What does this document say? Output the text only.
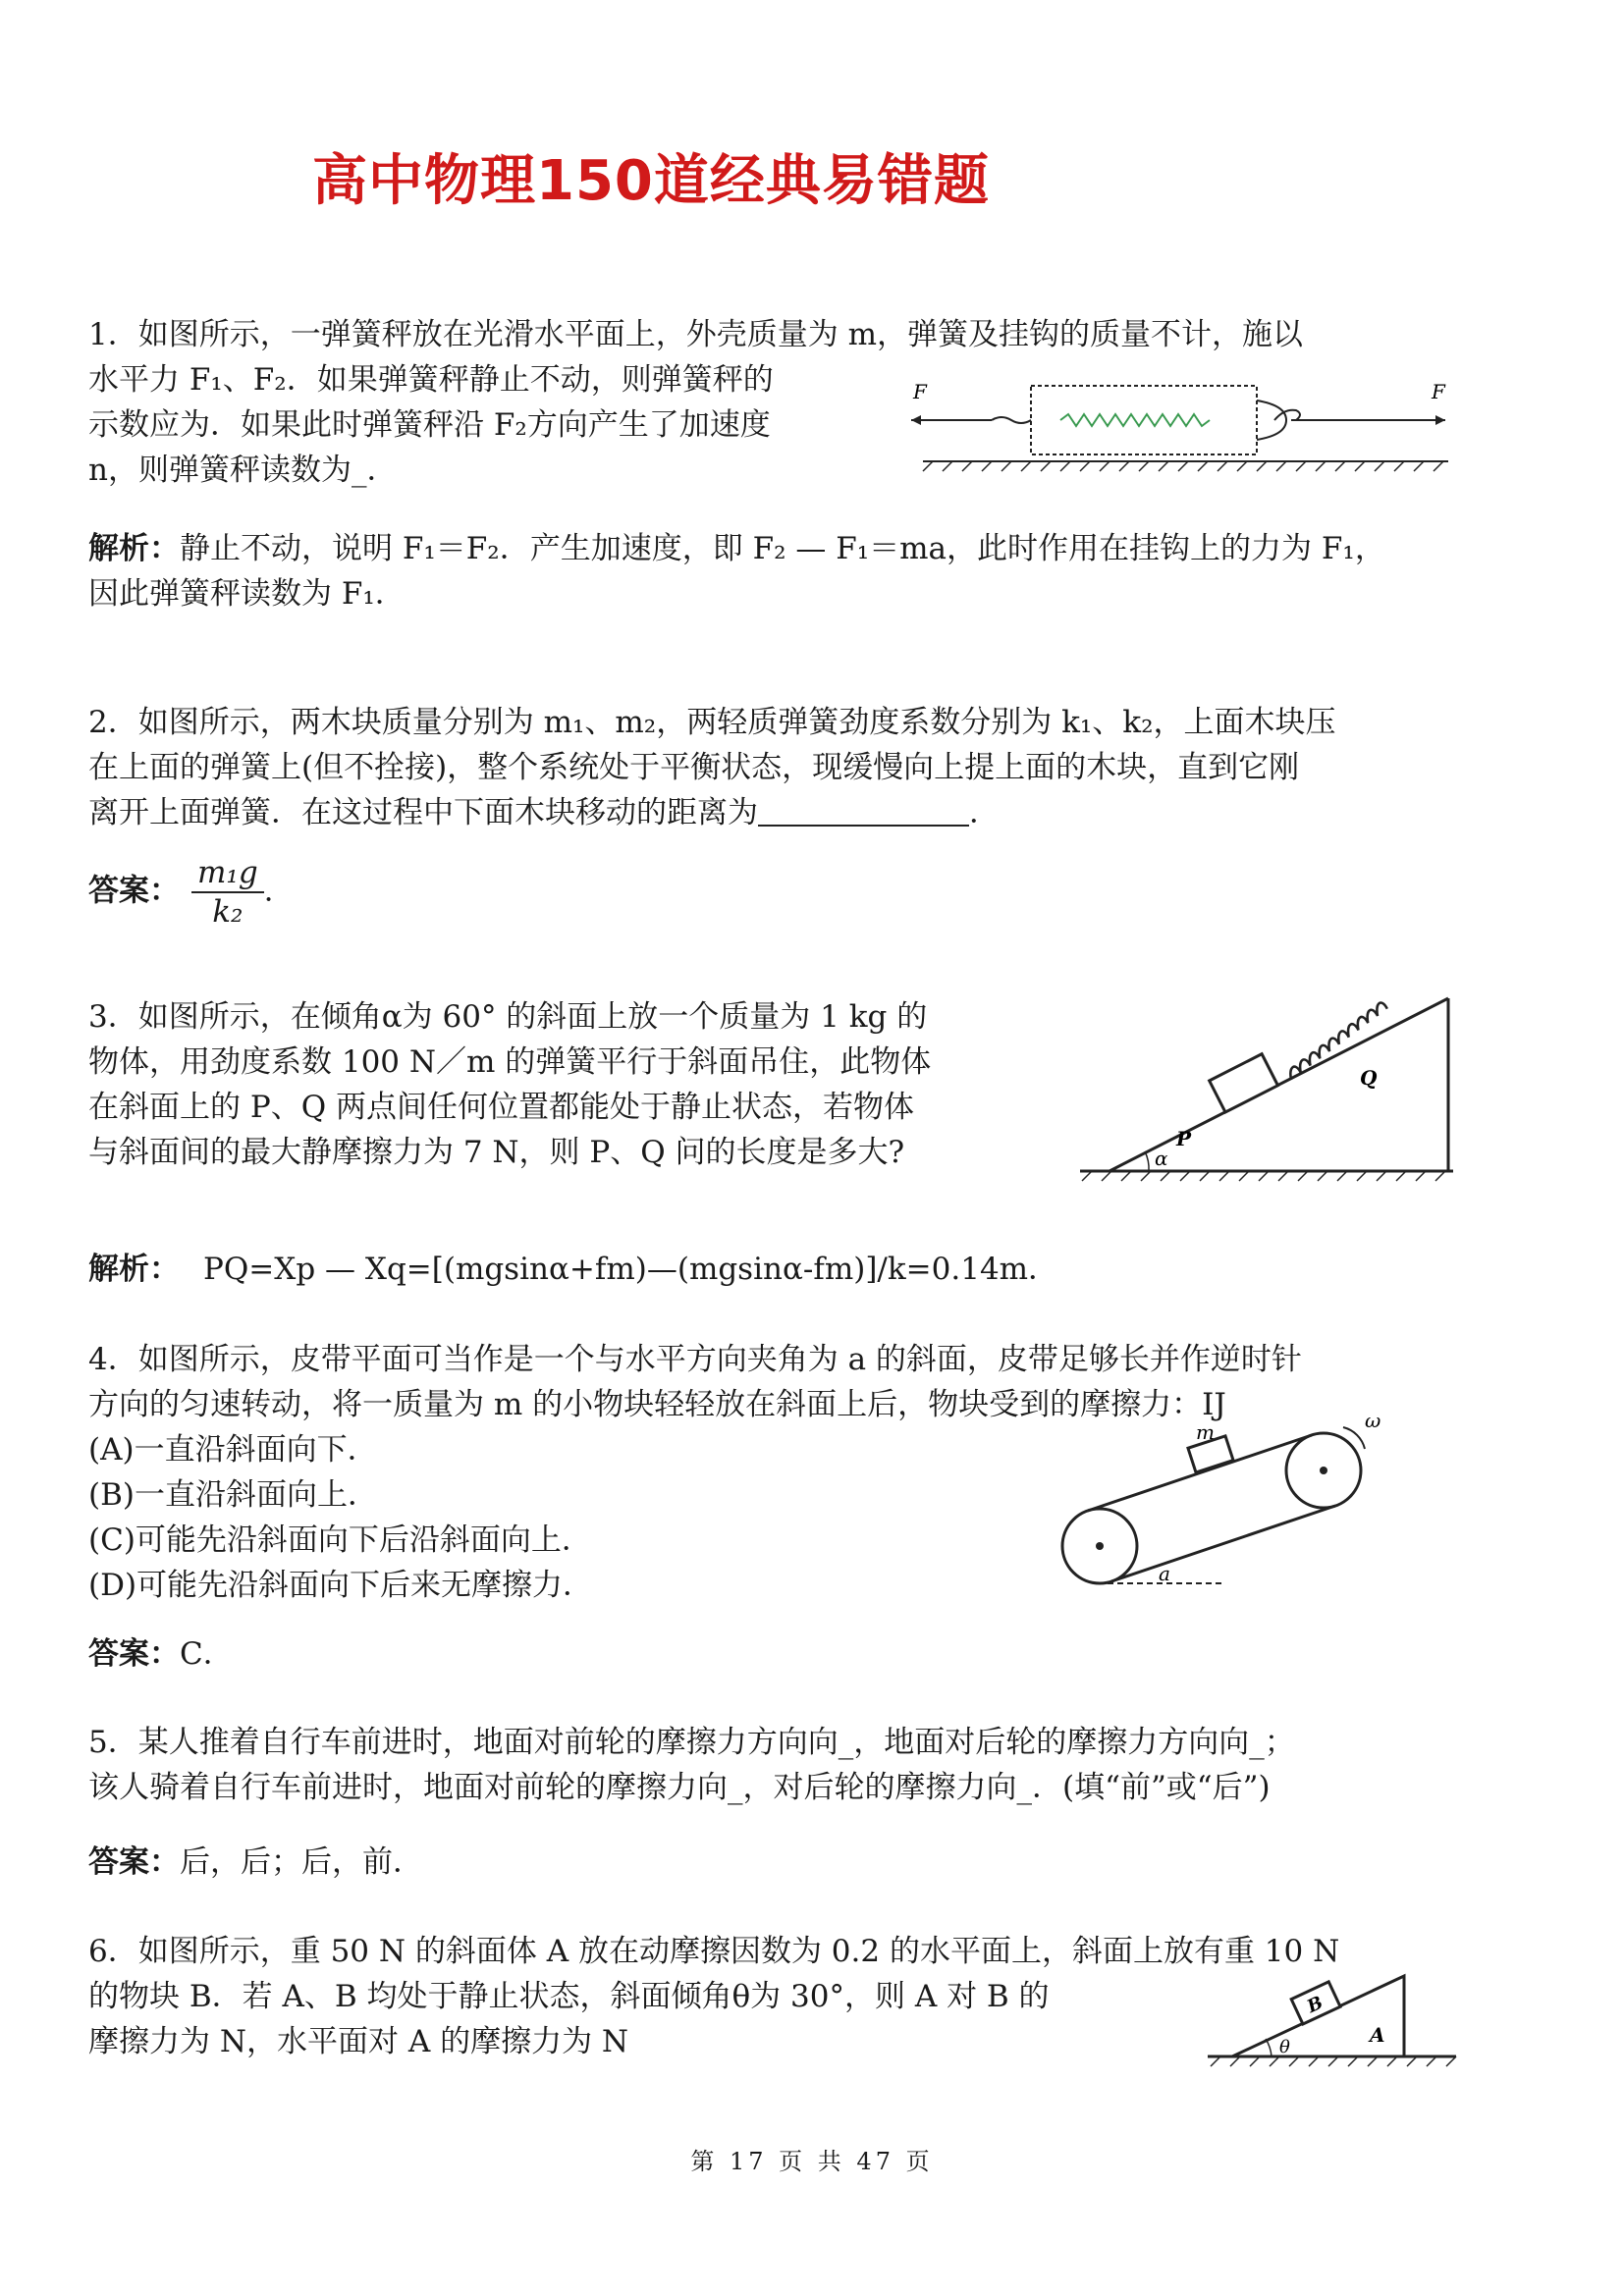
高中物理150道经典易错题
1．如图所示，一弹簧秤放在光滑水平面上，外壳质量为 m，弹簧及挂钩的质量不计，施以
水平力 F₁、F₂．如果弹簧秤静止不动，则弹簧秤的
示数应为．如果此时弹簧秤沿 F₂方向产生了加速度
n，则弹簧秤读数为_．
F	F
解析：静止不动，说明 F₁＝F₂．产生加速度，即 F₂ — F₁＝ma，此时作用在挂钩上的力为 F₁，
因此弹簧秤读数为 F₁．
2．如图所示，两木块质量分别为 m₁、m₂，两轻质弹簧劲度系数分别为 k₁、k₂，上面木块压
在上面的弹簧上(但不拴接)，整个系统处于平衡状态，现缓慢向上提上面的木块，直到它刚
离开上面弹簧．在这过程中下面木块移动的距离为	．
答案： $\frac{\text{m₁g}}{\text{k₂}}$ .
3．如图所示，在倾角α为 60° 的斜面上放一个质量为 1 kg 的
物体，用劲度系数 100 N／m 的弹簧平行于斜面吊住，此物体
在斜面上的 P、Q 两点间任何位置都能处于静止状态，若物体
与斜面间的最大静摩擦力为 7 N，则 P、Q 问的长度是多大?
Q
P
α
解析： PQ=Xp — Xq=[(mgsinα+fm)—(mgsinα-fm)]/k=0.14m．
4．如图所示，皮带平面可当作是一个与水平方向夹角为 a 的斜面，皮带足够长并作逆时针
方向的匀速转动，将一质量为 m 的小物块轻轻放在斜面上后，物块受到的摩擦力：IJ
(A)一直沿斜面向下．
(B)一直沿斜面向上．
(C)可能先沿斜面向下后沿斜面向上．
(D)可能先沿斜面向下后来无摩擦力．
m	ω
a
答案：C．
5．某人推着自行车前进时，地面对前轮的摩擦力方向向_，地面对后轮的摩擦力方向向_；
该人骑着自行车前进时，地面对前轮的摩擦力向_，对后轮的摩擦力向_．(填“前”或“后”)
答案：后，后；后，前．
6．如图所示，重 50 N 的斜面体 A 放在动摩擦因数为 0.2 的水平面上，斜面上放有重 10 N
的物块 B．若 A、B 均处于静止状态，斜面倾角θ为 30°，则 A 对 B 的
摩擦力为 N，水平面对 A 的摩擦力为 N
B
A
θ
第 17 页 共 47 页
